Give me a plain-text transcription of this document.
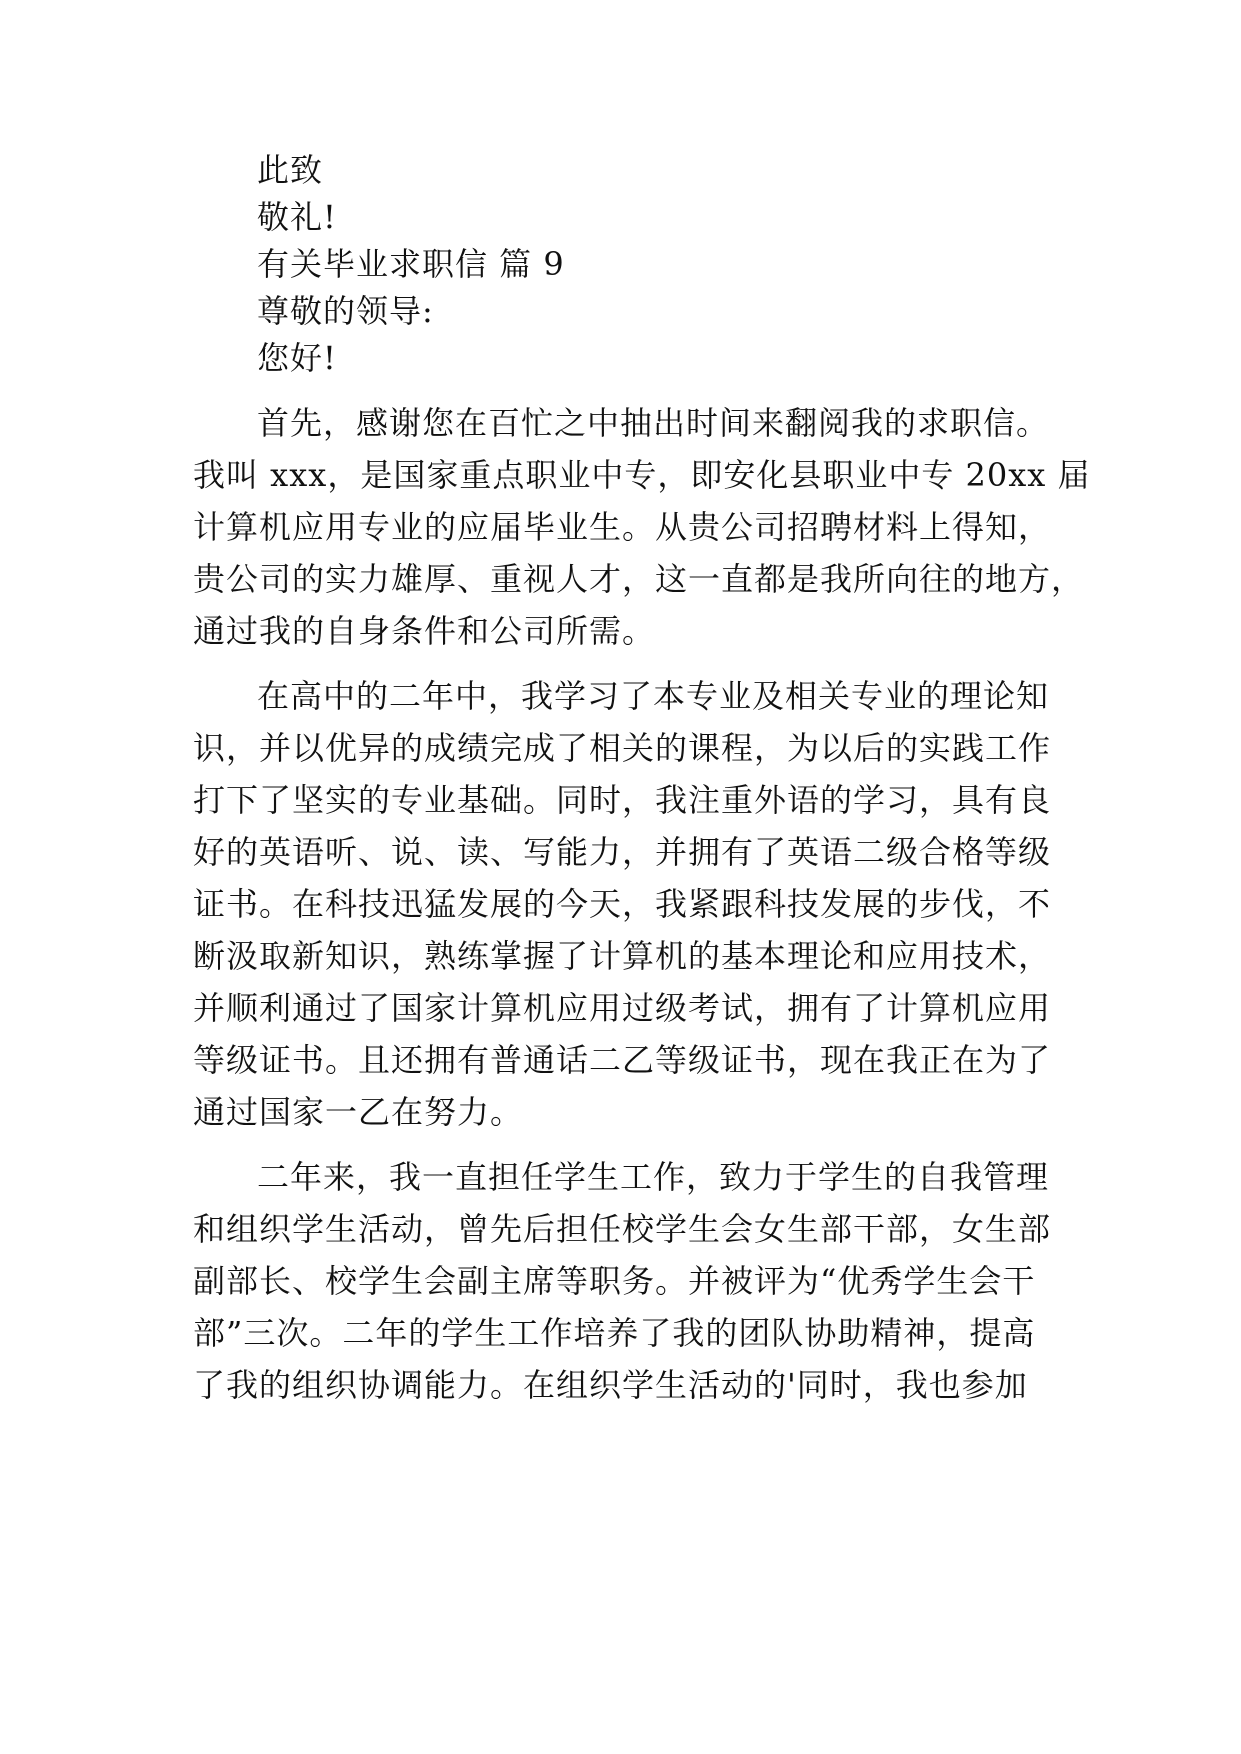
此致
敬礼!
有关毕业求职信 篇 9
尊敬的领导:
您好!
首先，感谢您在百忙之中抽出时间来翻阅我的求职信。
我叫 xxx，是国家重点职业中专，即安化县职业中专 20xx 届
计算机应用专业的应届毕业生。从贵公司招聘材料上得知，
贵公司的实力雄厚、重视人才，这一直都是我所向往的地方，
通过我的自身条件和公司所需。
在高中的二年中，我学习了本专业及相关专业的理论知
识，并以优异的成绩完成了相关的课程，为以后的实践工作
打下了坚实的专业基础。同时，我注重外语的学习，具有良
好的英语听、说、读、写能力，并拥有了英语二级合格等级
证书。在科技迅猛发展的今天，我紧跟科技发展的步伐，不
断汲取新知识，熟练掌握了计算机的基本理论和应用技术，
并顺利通过了国家计算机应用过级考试，拥有了计算机应用
等级证书。且还拥有普通话二乙等级证书，现在我正在为了
通过国家一乙在努力。
二年来，我一直担任学生工作，致力于学生的自我管理
和组织学生活动，曾先后担任校学生会女生部干部，女生部
副部长、校学生会副主席等职务。并被评为“优秀学生会干
部”三次。二年的学生工作培养了我的团队协助精神，提高
了我的组织协调能力。在组织学生活动的'同时，我也参加
